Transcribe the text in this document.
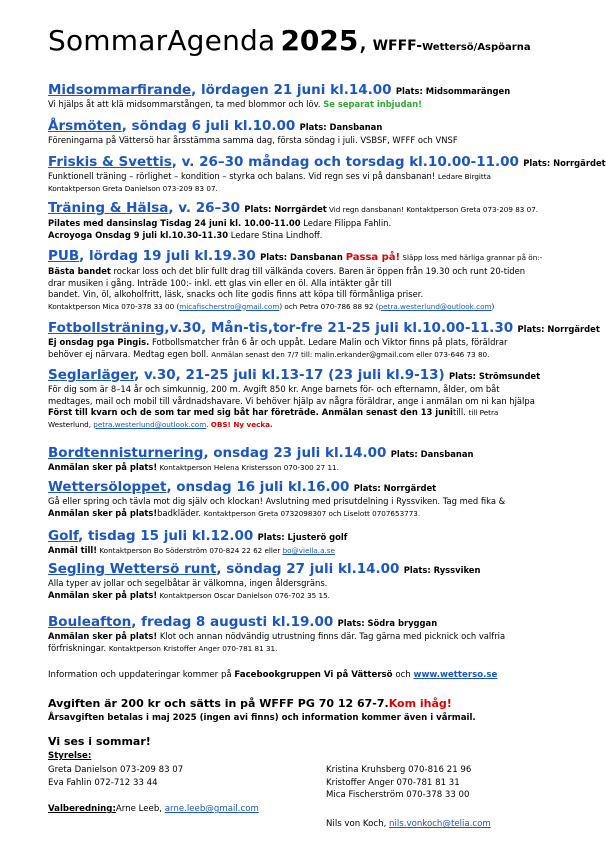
SommarAgenda 2025, WFFF-Wettersö/Aspöarna
Midsommarfirande, lördagen 21 juni kl.14.00 Plats: Midsommarängen
Vi hjälps åt att klä midsommarstången, ta med blommor och löv. Se separat inbjudan!
Årsmöten, söndag 6 juli kl.10.00 Plats: Dansbanan
Föreningarna på Vättersö har årsstämma samma dag, första söndag i juli. VSBSF, WFFF och VNSF
Friskis & Svettis, v. 26–30 måndag och torsdag kl.10.00-11.00 Plats: Norrgärdet
Funktionell träning – rörlighet – kondition – styrka och balans. Vid regn ses vi på dansbanan! Ledare Birgitta
Kontaktperson Greta Danielson 073-209 83 07.
Träning & Hälsa, v. 26–30 Plats: Norrgärdet Vid regn dansbanan! Kontaktperson Greta 073-209 83 07.
Pilates med dansinslag Tisdag 24 juni kl. 10.00-11.00 Ledare Filippa Fahlin.
Acroyoga Onsdag 9 juli kl.10.30-11.30 Ledare Stina Lindhoff.
PUB, lördag 19 juli kl.19.30 Plats: Dansbanan Passa på! Släpp loss med härliga grannar på ön:-
Bästa bandet rockar loss och det blir fullt drag till välkända covers. Baren är öppen från 19.30 och runt 20-tiden
drar musiken i gång. Inträde 100:- inkl. ett glas vin eller en öl. Alla intäkter går till
bandet. Vin, öl, alkoholfritt, läsk, snacks och lite godis finns att köpa till förmånliga priser.
Kontaktperson Mica 070-378 33 00 (micafischerstro@gmail.com) och Petra 070-786 88 92 (petra.westerlund@outlook.com)
Fotbollsträning,v.30, Mån-tis,tor-fre 21-25 juli kl.10.00-11.30 Plats: Norrgärdet
Ej onsdag pga Pingis. Fotbollsmatcher från 6 år och uppåt. Ledare Malin och Viktor finns på plats, föräldrar
behöver ej närvara. Medtag egen boll. Anmälan senast den 7/7 till: malin.erkander@gmail.com eller 073-646 73 80.
Seglarläger, v.30, 21-25 juli kl.13-17 (23 juli kl.9-13) Plats: Strömsundet
För dig som är 8–14 år och simkunnig, 200 m. Avgift 850 kr. Ange barnets för- och efternamn, ålder, om båt
medtages, mail och mobil till vårdnadshavare. Vi behöver hjälp av några föräldrar, ange i anmälan om ni kan hjälpa
Först till kvarn och de som tar med sig båt har företräde. Anmälan senast den 13 junitill. till Petra
Westerlund, petra.westerlund@outlook.com. OBS! Ny vecka.
Bordtennisturnering, onsdag 23 juli kl.14.00 Plats: Dansbanan
Anmälan sker på plats! Kontaktperson Helena Kristersson 070-300 27 11.
Wettersöloppet, onsdag 16 juli kl.16.00 Plats: Norrgärdet
Gå eller spring och tävla mot dig själv och klockan! Avslutning med prisutdelning i Ryssviken. Tag med fika &
Anmälan sker på plats!badkläder. Kontaktperson Greta 0732098307 och Liselott 0707653773.
Golf, tisdag 15 juli kl.12.00 Plats: Ljusterö golf
Anmäl till! Kontaktperson Bo Söderström 070-824 22 62 eller bo@viella.a.se
Segling Wettersö runt, söndag 27 juli kl.14.00 Plats: Ryssviken
Alla typer av jollar och segelbåtar är välkomna, ingen åldersgräns.
Anmälan sker på plats! Kontaktperson Oscar Danielson 076-702 35 15.
Bouleafton, fredag 8 augusti kl.19.00 Plats: Södra bryggan
Anmälan sker på plats! Klot och annan nödvändig utrustning finns där. Tag gärna med picknick och valfria
förfriskningar. Kontaktperson Kristoffer Anger 070-781 81 31.
Information och uppdateringar kommer på Facebookgruppen Vi på Vättersö och www.wetterso.se
Avgiften är 200 kr och sätts in på WFFF PG 70 12 67-7.Kom ihåg!
Årsavgiften betalas i maj 2025 (ingen avi finns) och information kommer även i vårmail.
Vi ses i sommar!
Styrelse:
Greta Danielson 073-209 83 07
Eva Fahlin 072-712 33 44
Kristina Kruhsberg 070-816 21 96
Kristoffer Anger 070-781 81 31
Mica Fischerström 070-378 33 00
Valberedning:Arne Leeb, arne.leeb@gmail.com
Nils von Koch, nils.vonkoch@telia.com
